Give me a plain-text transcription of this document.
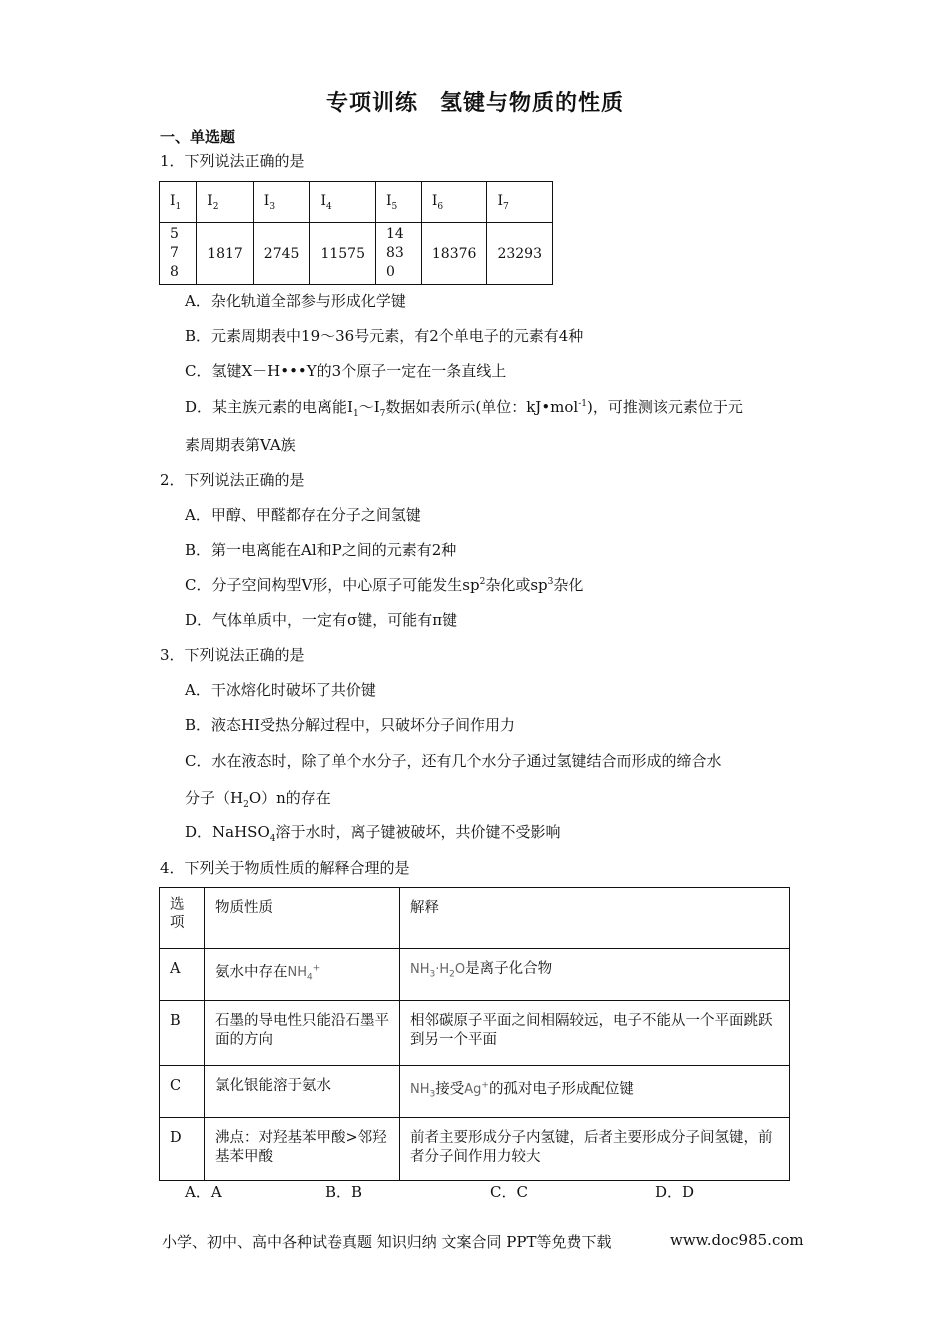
专项训练 氢键与物质的性质
一、单选题
1．下列说法正确的是
$I_1$	$I_2$	$I_3$	$I_4$	$I_5$	$I_6$	$I_7$
578	1817	2745	11575	14830	18376	23293
A．杂化轨道全部参与形成化学键
B．元素周期表中19～36号元素，有2个单电子的元素有4种
C．氢键X－H•••Y的3个原子一定在一条直线上
D．某主族元素的电离能$I_1\sim I_7$数据如表所示(单位：kJ•mol$^{-1}$)，可推测该元素位于元
素周期表第VA族
2．下列说法正确的是
A．甲醇、甲醛都存在分子之间氢键
B．第一电离能在Al和P之间的元素有2种
C．分子空间构型V形，中心原子可能发生$sp^2$杂化或$sp^3$杂化
D．气体单质中，一定有σ键，可能有π键
3．下列说法正确的是
A．干冰熔化时破坏了共价键
B．液态HI受热分解过程中，只破坏分子间作用力
C．水在液态时，除了单个水分子，还有几个水分子通过氢键结合而形成的缔合水
分子$(H_2O)n$的存在
D．NaHSO$_4$溶于水时，离子键被破坏，共价键不受影响
4．下列关于物质性质的解释合理的是
选项	物质性质	解释
A	氨水中存在$NH_4^+$	$NH_3\cdot H_2O$是离子化合物
B	石墨的导电性只能沿石墨平面的方向	相邻碳原子平面之间相隔较远，电子不能从一个平面跳跃到另一个平面
C	氯化银能溶于氨水	$NH_3$接受Ag+的孤对电子形成配位键
D	沸点：对羟基苯甲酸>邻羟基苯甲酸	前者主要形成分子内氢键，后者主要形成分子间氢键，前者分子间作用力较大
A．A	B．B	C．C	D．D
小学、初中、高中各种试卷真题 知识归纳 文案合同 PPT等免费下载	www.doc985.com
